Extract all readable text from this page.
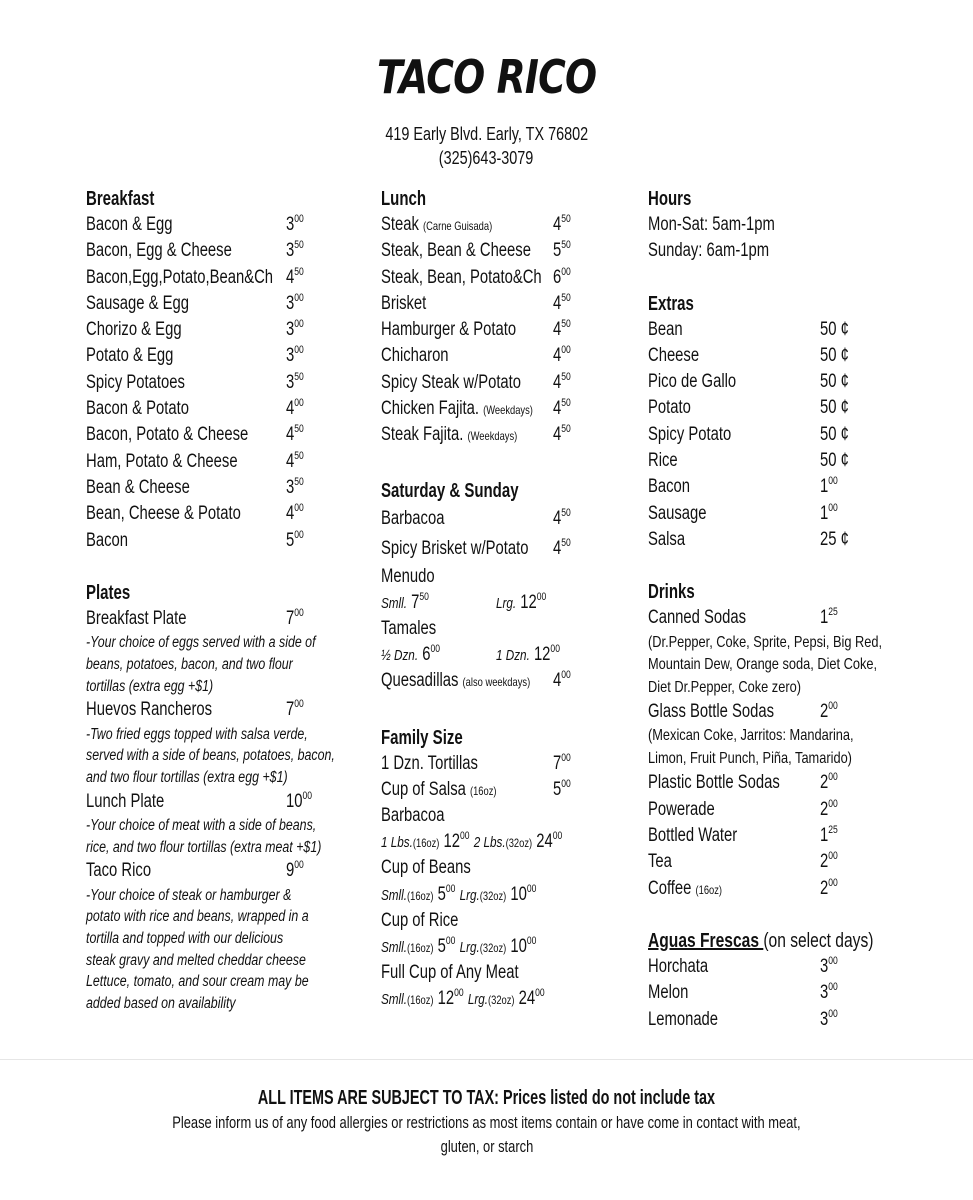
TACO RICO
419 Early Blvd. Early, TX 76802
(325)643-3079
Breakfast
Bacon & Egg	$3^{00}$
Bacon, Egg & Cheese	$3^{50}$
Bacon,Egg,Potato,Bean&Ch $4^{50}$
Sausage & Egg	$3^{00}$
Chorizo & Egg	$3^{00}$
Potato & Egg	$3^{00}$
Spicy Potatoes	$3^{50}$
Bacon & Potato	$4^{00}$
Bacon, Potato & Cheese $4^{50}$
Ham, Potato & Cheese	$4^{50}$
Bean & Cheese	$3^{50}$
Bean, Cheese & Potato $4^{00}$
Bacon	$5^{00}$
Plates
Breakfast Plate	$7^{00}$
-Your choice of eggs served with a side of
beans, potatoes, bacon, and two flour
tortillas (extra egg +$1)
Huevos Rancheros	$7^{00}$
-Two fried eggs topped with salsa verde,
served with a side of beans, potatoes, bacon,
and two flour tortillas (extra egg +$1)
Lunch Plate	$10^{00}$
-Your choice of meat with a side of beans,
rice, and two flour tortillas (extra meat +$1)
Taco Rico	$9^{00}$
-Your choice of steak or hamburger &
potato with rice and beans, wrapped in a
tortilla and topped with our delicious
steak gravy and melted cheddar cheese
Lettuce, tomato, and sour cream may be
added based on availability
Lunch
Steak (Carne Guisada)	$4^{50}$
Steak, Bean & Cheese $5^{50}$
Steak, Bean, Potato&Ch $6^{00}$
Brisket	$4^{50}$
Hamburger & Potato $4^{50}$
Chicharon	$4^{00}$
Spicy Steak w/Potato $4^{50}$
Chicken Fajita. (Weekdays) $4^{50}$
Steak Fajita. (Weekdays) $4^{50}$
Saturday & Sunday
Barbacoa	$4^{50}$
Spicy Brisket w/Potato $4^{50}$
Menudo
Smll. $7^{50}$	Lrg. $12^{00}$
Tamales
½ Dzn. $6^{00}$	1 Dzn. $12^{00}$
Quesadillas (also weekdays) $4^{00}$
Family Size
1 Dzn. Tortillas	$7^{00}$
Cup of Salsa (16oz)	$5^{00}$
Barbacoa
1 Lbs.(16oz) $12^{00}$ 2 Lbs.(32oz) $24^{00}$
Cup of Beans
Smll.(16oz) $5^{00}$ Lrg.(32oz) $10^{00}$
Cup of Rice
Smll.(16oz) $5^{00}$ Lrg.(32oz) $10^{00}$
Full Cup of Any Meat
Smll.(16oz) $12^{00}$ Lrg.(32oz) $24^{00}$
Hours
Mon-Sat: 5am-1pm
Sunday: 6am-1pm
Extras
Bean	50 ¢
Cheese	50 ¢
Pico de Gallo	50 ¢
Potato	50 ¢
Spicy Potato	50 ¢
Rice	50 ¢
Bacon	$1^{00}$
Sausage	$1^{00}$
Salsa	25 ¢
Drinks
Canned Sodas	$1^{25}$
(Dr.Pepper, Coke, Sprite, Pepsi, Big Red,
Mountain Dew, Orange soda, Diet Coke,
Diet Dr.Pepper, Coke zero)
Glass Bottle Sodas $2^{00}$
(Mexican Coke, Jarritos: Mandarina,
Limon, Fruit Punch, Piña, Tamarido)
Plastic Bottle Sodas $2^{00}$
Powerade	$2^{00}$
Bottled Water	$1^{25}$
Tea	$2^{00}$
Coffee (16oz)	$2^{00}$
Aguas Frescas (on select days)
Horchata	$3^{00}$
Melon	$3^{00}$
Lemonade	$3^{00}$
ALL ITEMS ARE SUBJECT TO TAX: Prices listed do not include tax
Please inform us of any food allergies or restrictions as most items contain or have come in contact with meat,
gluten, or starch
